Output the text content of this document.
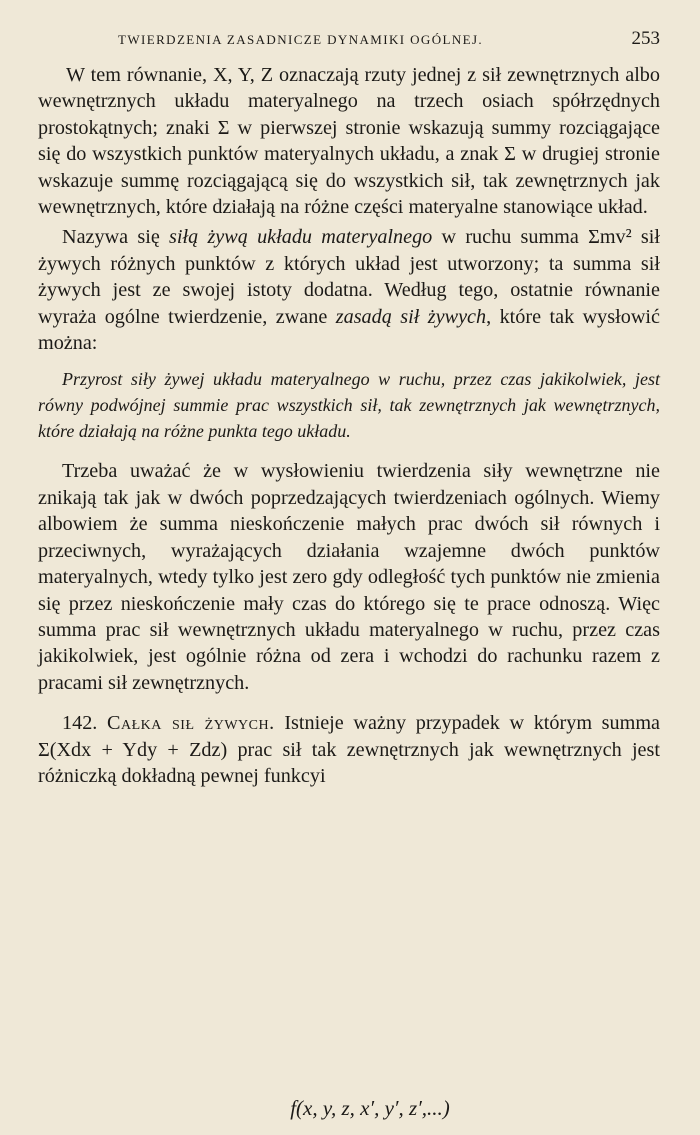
TWIERDZENIA ZASADNICZE DYNAMIKI OGÓLNEJ.	253

W tem równanie, X, Y, Z oznaczają rzuty jednej z sił zewnętrznych albo wewnętrznych układu materyalnego na trzech osiach spółrzędnych prostokątnych; znaki Σ w pierwszej stronie wskazują summy rozciągające się do wszystkich punktów materyalnych układu, a znak Σ w drugiej stronie wskazuje summę rozciągającą się do wszystkich sił, tak zewnętrznych jak wewnętrznych, które działają na różne części materyalne stanowiące układ.

Nazywa się siłą żywą układu materyalnego w ruchu summa Σmv² sił żywych różnych punktów z których układ jest utworzony; ta summa sił żywych jest ze swojej istoty dodatna. Według tego, ostatnie równanie wyraża ogólne twierdzenie, zwane zasadą sił żywych, które tak wysłowić można:

Przyrost siły żywej układu materyalnego w ruchu, przez czas jakikolwiek, jest równy podwójnej summie prac wszystkich sił, tak zewnętrznych jak wewnętrznych, które działają na różne punkta tego układu.

Trzeba uważać że w wysłowieniu twierdzenia siły wewnętrzne nie znikają tak jak w dwóch poprzedzających twierdzeniach ogólnych. Wiemy albowiem że summa nieskończenie małych prac dwóch sił równych i przeciwnych, wyrażających działania wzajemne dwóch punktów materyalnych, wtedy tylko jest zero gdy odległość tych punktów nie zmienia się przez nieskończenie mały czas do którego się te prace odnoszą. Więc summa prac sił wewnętrznych układu materyalnego w ruchu, przez czas jakikolwiek, jest ogólnie różna od zera i wchodzi do rachunku razem z pracami sił zewnętrznych.

142. Całka sił żywych. Istnieje ważny przypadek w którym summa Σ(Xdx + Ydy + Zdz) prac sił tak zewnętrznych jak wewnętrznych jest różniczką dokładną pewnej funkcyi

f(x, y, z, x′, y′, z′,...)
